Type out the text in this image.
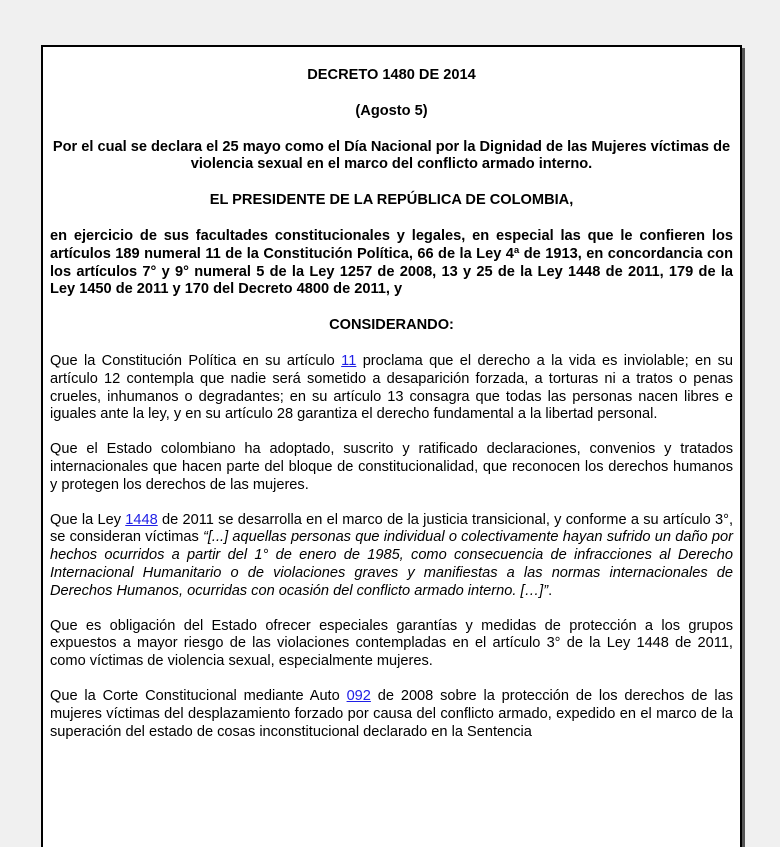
DECRETO 1480 DE 2014
(Agosto 5)
Por el cual se declara el 25 mayo como el Día Nacional por la Dignidad de las Mujeres víctimas de violencia sexual en el marco del conflicto armado interno.
EL PRESIDENTE DE LA REPÚBLICA DE COLOMBIA,
en ejercicio de sus facultades constitucionales y legales, en especial las que le confieren los artículos 189 numeral 11 de la Constitución Política, 66 de la Ley 4ª de 1913, en concordancia con los artículos 7° y 9° numeral 5 de la Ley 1257 de 2008, 13 y 25 de la Ley 1448 de 2011, 179 de la Ley 1450 de 2011 y 170 del Decreto 4800 de 2011, y
CONSIDERANDO:

Que la Constitución Política en su artículo 11 proclama que el derecho a la vida es inviolable; en su artículo 12 contempla que nadie será sometido a desaparición forzada, a torturas ni a tratos o penas crueles, inhumanos o degradantes; en su artículo 13 consagra que todas las personas nacen libres e iguales ante la ley, y en su artículo 28 garantiza el derecho fundamental a la libertad personal.

Que el Estado colombiano ha adoptado, suscrito y ratificado declaraciones, convenios y tratados internacionales que hacen parte del bloque de constitucionalidad, que reconocen los derechos humanos y protegen los derechos de las mujeres.

Que la Ley 1448 de 2011 se desarrolla en el marco de la justicia transicional, y conforme a su artículo 3°, se consideran víctimas “[...] aquellas personas que individual o colectivamente hayan sufrido un daño por hechos ocurridos a partir del 1° de enero de 1985, como consecuencia de infracciones al Derecho Internacional Humanitario o de violaciones graves y manifiestas a las normas internacionales de Derechos Humanos, ocurridas con ocasión del conflicto armado interno. […]”.

Que es obligación del Estado ofrecer especiales garantías y medidas de protección a los grupos expuestos a mayor riesgo de las violaciones contempladas en el artículo 3° de la Ley 1448 de 2011, como víctimas de violencia sexual, especialmente mujeres.

Que la Corte Constitucional mediante Auto 092 de 2008 sobre la protección de los derechos de las mujeres víctimas del desplazamiento forzado por causa del conflicto armado, expedido en el marco de la superación del estado de cosas inconstitucional declarado en la Sentencia
